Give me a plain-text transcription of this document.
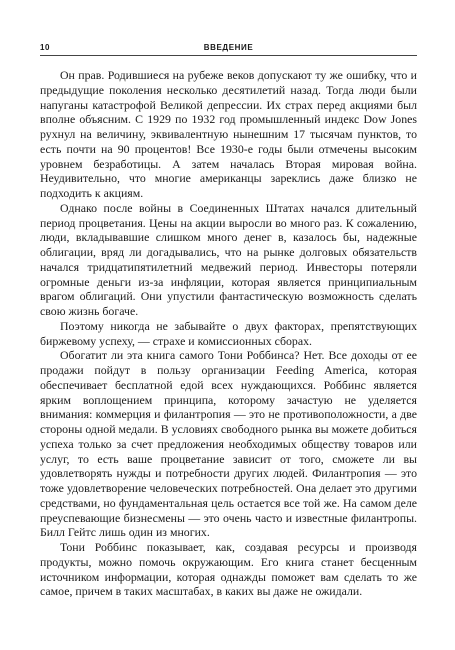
10	ВВЕДЕНИЕ

Он прав. Родившиеся на рубеже веков допускают ту же ошибку, что и предыдущие поколения несколько десятилетий назад. Тогда люди были напуганы катастрофой Великой депрессии. Их страх перед акциями был вполне объясним. С 1929 по 1932 год промышленный индекс Dow Jones рухнул на величину, эквивалентную нынешним 17 тысячам пунктов, то есть почти на 90 процентов! Все 1930-е годы были отмечены высоким уровнем безработицы. А затем началась Вторая мировая война. Неудивительно, что многие американцы зареклись даже близко не подходить к акциям.

Однако после войны в Соединенных Штатах начался длительный период процветания. Цены на акции выросли во много раз. К сожалению, люди, вкладывавшие слишком много денег в, казалось бы, надежные облигации, вряд ли догадывались, что на рынке долговых обязательств начался тридцатипятилетний медвежий период. Инвесторы потеряли огромные деньги из-за инфляции, которая является принципиальным врагом облигаций. Они упустили фантастическую возможность сделать свою жизнь богаче.

Поэтому никогда не забывайте о двух факторах, препятствующих биржевому успеху, — страхе и комиссионных сборах.

Обогатит ли эта книга самого Тони Роббинса? Нет. Все доходы от ее продажи пойдут в пользу организации Feeding America, которая обеспечивает бесплатной едой всех нуждающихся. Роббинс является ярким воплощением принципа, которому зачастую не уделяется внимания: коммерция и филантропия — это не противоположности, а две стороны одной медали. В условиях свободного рынка вы можете добиться успеха только за счет предложения необходимых обществу товаров или услуг, то есть ваше процветание зависит от того, сможете ли вы удовлетворять нужды и потребности других людей. Филантропия — это тоже удовлетворение человеческих потребностей. Она делает это другими средствами, но фундаментальная цель остается все той же. На самом деле преуспевающие бизнесмены — это очень часто и известные филантропы. Билл Гейтс лишь один из многих.

Тони Роббинс показывает, как, создавая ресурсы и производя продукты, можно помочь окружающим. Его книга станет бесценным источником информации, которая однажды поможет вам сделать то же самое, причем в таких масштабах, в каких вы даже не ожидали.
